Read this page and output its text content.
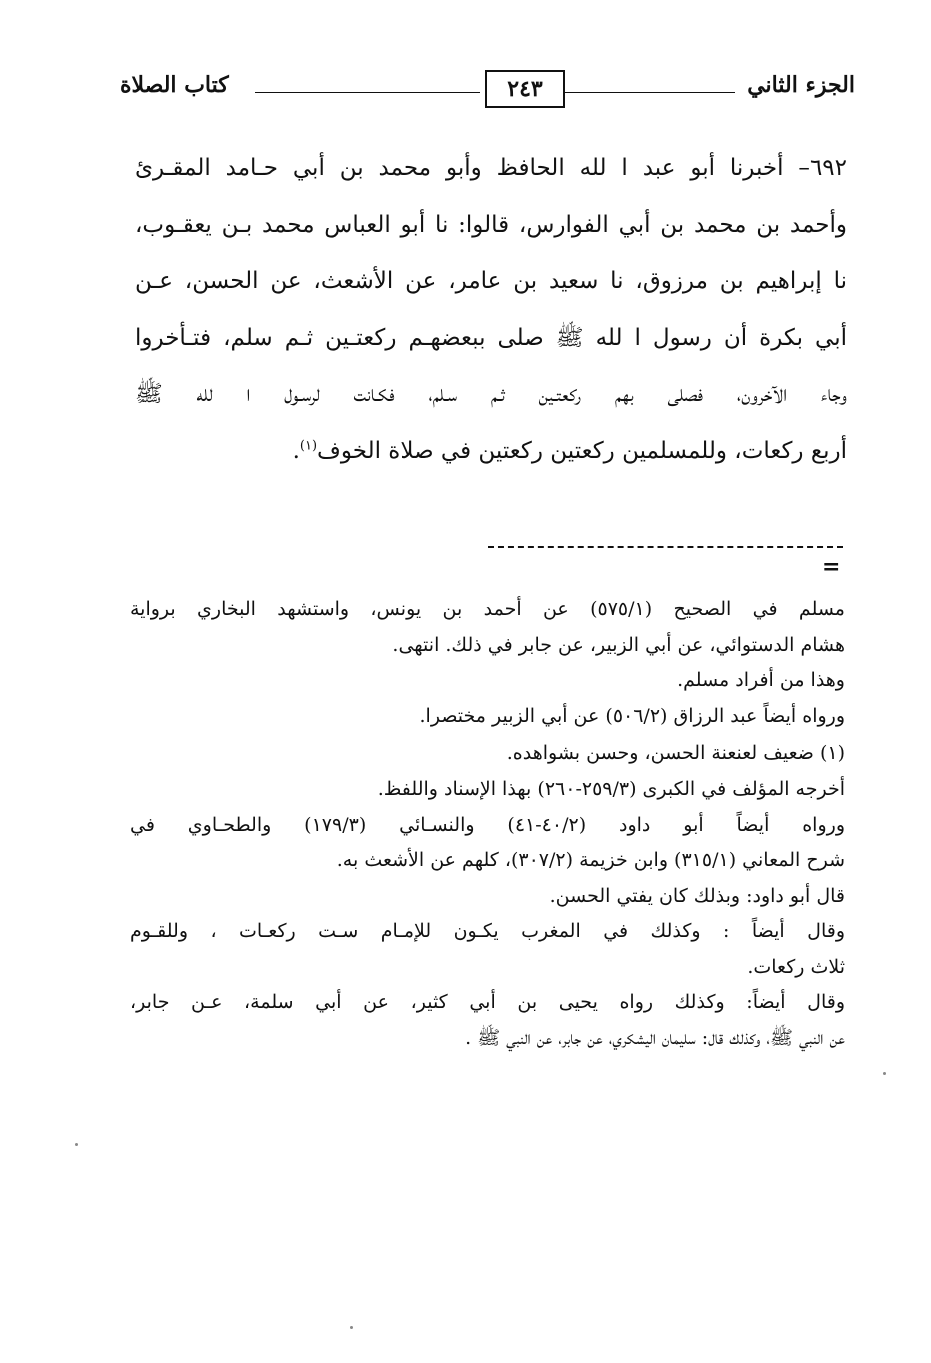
الجزء الثاني
٢٤٣
كتاب الصلاة

٦٩٢– أخبرنا أبو عبد ا لله الحافظ وأبو محمد بن أبي حـامد المقـرئ

وأحمد بن محمد بن أبي الفوارس، قالوا: نا أبو العباس محمد بـن يعقـوب،

نا إبراهيم بن مرزوق، نا سعيد بن عامر، عن الأشعث، عن الحسن، عـن

أبي بكرة أن رسول ا لله ﷺ صلى ببعضهـم ركعتـين ثـم سلم، فتـأخروا

وجاء الآخرون، فصلى بهم ركعتـين ثـم سـلم، فكـانت لرسـول ا لله ﷺ

أربع ركعات، وللمسلمين ركعتين ركعتين في صلاة الخوف$^{(١)}$.

=

مسلم في الصحيح (٥٧٥/١) عن أحمد بن يونس، واستشهد البخاري برواية

هشام الدستوائي، عن أبي الزبير، عن جابر في ذلك. انتهى.

وهذا من أفراد مسلم.

ورواه أيضاً عبد الرزاق (٥٠٦/٢) عن أبي الزبير مختصرا.

(١)ضعيف لعنعنة الحسن، وحسن بشواهده.

أخرجه المؤلف في الكبرى (٢٥٩/٣-٢٦٠) بهذا الإسناد واللفظ.

ورواه أيضاً أبو داود (٤٠/٢-٤١) والنسـائي (١٧٩/٣) والطحـاوي في

شرح المعاني (٣١٥/١) وابن خزيمة (٣٠٧/٢)، كلهم عن الأشعث به.

قال أبو داود: وبذلك كان يفتي الحسن.

وقال أيضاً : وكذلك في المغرب يكـون للإمـام سـت ركعـات ، وللقـوم

ثلاث ركعات.

وقال أيضاً: وكذلك رواه يحيى بن أبي كثير، عن أبي سلمة، عـن جابر،

عن النبي ﷺ، وكذلك قال: سليمان اليشكري، عن جابر، عن النبي ﷺ .
